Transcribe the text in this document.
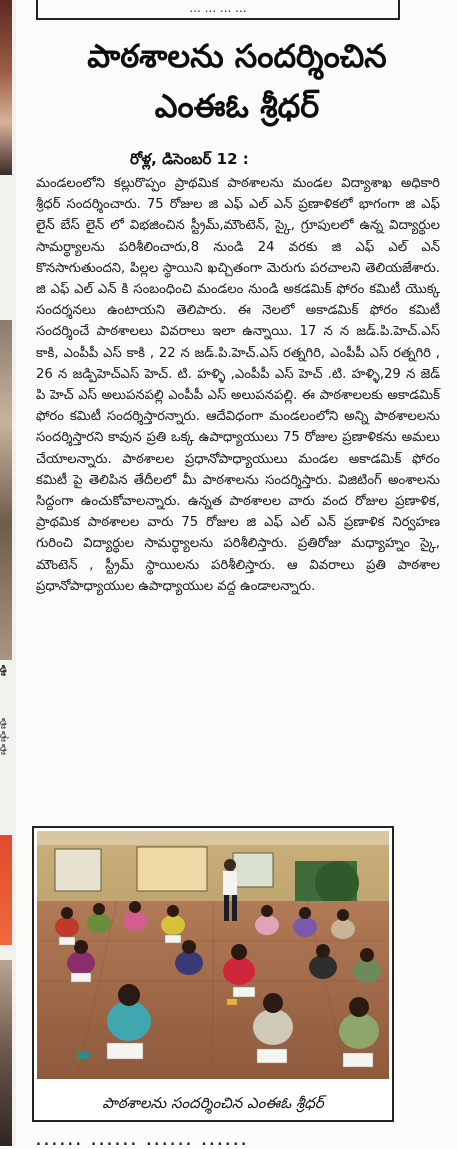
డ్డి
డ్డి
డ్డి,
డ్డి
... ... ... ...
పాఠశాలను సందర్శించిన
ఎంఈఓ శ్రీధర్
రోళ్ల, డిసెంబర్ 12 :
మండలంలోని కల్లురొప్పం ప్రాథమిక పాఠశాలను మండల విద్యాశాఖ అధికారి శ్రీధర్ సందర్శించారు. 75 రోజుల జి ఎఫ్ ఎల్ ఎన్ ప్రణాళికలో భాగంగా జి ఎఫ్ లైన్ బేస్ లైన్ లో విభజించిన స్ట్రీమ్,మౌంటెన్, స్కై, గ్రూపులలో ఉన్న విద్యార్థుల సామర్థ్యాలను పరిశీలించారు,8 నుండి 24 వరకు జి ఎఫ్ ఎల్ ఎన్ కొనసాగుతుందని, పిల్లల స్థాయిని ఖచ్చితంగా మెరుగు పరచాలని తెలియజేశారు. జి ఎఫ్ ఎల్ ఎన్ కి సంబంధించి మండలం నుండి అకడమిక్ ఫోరం కమిటీ యొక్క సందర్శనలు ఉంటాయని తెలిపారు. ఈ నెలలో అకాడమిక్ ఫోరం కమిటీ సందర్శించే పాఠశాలలు వివరాలు ఇలా ఉన్నాయి. 17 న న జడ్.పి.హెచ్.ఎస్ కాకి, ఎంపీపీ ఎస్ కాకి , 22 న జడ్.పి.హెచ్.ఎస్ రత్నగిరి, ఎంపీపీ ఎస్ రత్నగిరి , 26 న జడ్పిహెచ్ఎస్ హెచ్. టి. హళ్ళి ,ఎంపీపీ ఎస్ హెచ్ .టి. హళ్ళి,29 న జెడ్ పి హెచ్ ఎస్ అలుపనపల్లి ఎంపీపీ ఎస్ అలుపనపల్లి. ఈ పాఠశాలలకు అకాడమిక్ ఫోరం కమిటీ సందర్శిస్తారన్నారు. ఆదేవిధంగా మండలంలోని అన్ని పాఠశాలలను సందర్శిస్తారని కావున ప్రతి ఒక్క ఉపాధ్యాయులు 75 రోజుల ప్రణాళికను అమలు చేయాలన్నారు. పాఠశాలల ప్రధానోపాధ్యాయులు మండల అకాడమిక్ ఫోరం కమిటీ పై తెలిపిన తేదీలలో మీ పాఠశాలను సందర్శిస్తారు. విజిటింగ్ అంశాలను సిద్దంగా ఉంచుకోవాలన్నారు. ఉన్నత పాఠశాలల వారు వంద రోజుల ప్రణాళిక, ప్రాథమిక పాఠశాలల వారు 75 రోజుల జి ఎఫ్ ఎల్ ఎన్ ప్రణాళిక నిర్వహణ గురించి విద్యార్థుల సామర్థ్యాలను పరిశీలిస్తారు. ప్రతిరోజు మధ్యాహ్నం స్కై, మౌంటెన్ , స్ట్రీమ్ స్థాయిలను పరిశీలిస్తారు. ఆ వివరాలు ప్రతి పాఠశాల ప్రధానోపాధ్యాయుల ఉపాధ్యాయుల వద్ద ఉండాలన్నారు.
పాఠశాలను సందర్శించిన ఎంఈఓ శ్రీధర్
...... ...... ...... ......
